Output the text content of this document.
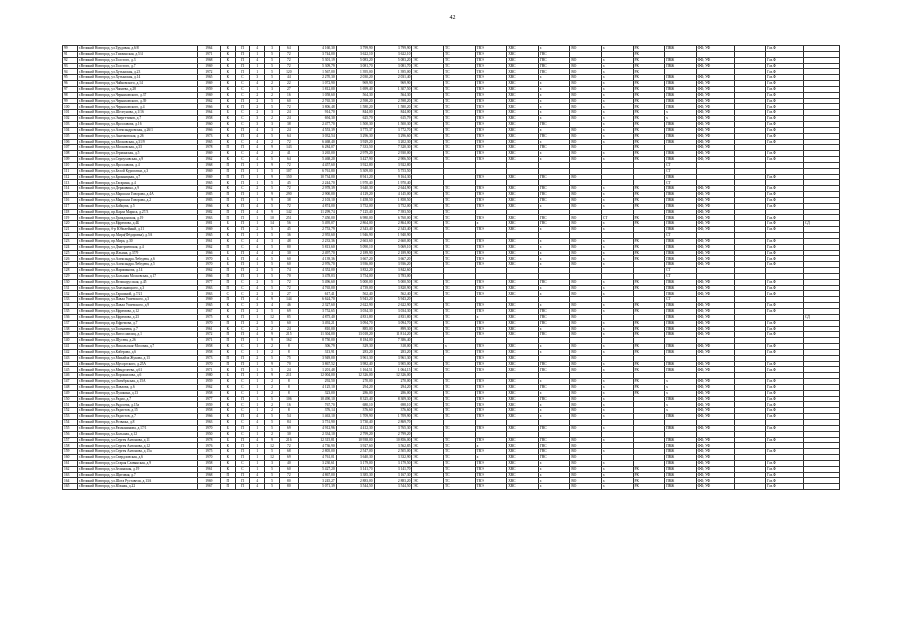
42
99	г.Великий Новгород, ул.Трудовая, д.6/8	1964	К	П	4	3	64	4 160,30	3 799,90	3 799,90	ЭС	ТС	ТВЭ	ХВС	х	ВО	х	РК	ПВЖ	ФФ, УФ		Газ.Ф	
91	г.Великий Новгород, ул.Тихвинская, д.5/4	1971	К	П	1	5	72	3 744,00	3 622,10	3 622,10		ТС	ТВЭ	ХВС	ГВС			РК					
92	г.Великий Новгород, ул.Толстого, д.3	1968	К	П	4	5	72	5 301,19	5 083,20	5 083,20	ЭС	ТС	ТВЭ	ХВС	ГВС	ВО	х	РК	ПВЖ	ФФ, УФ		Газ.Ф	
93	г.Великий Новгород, ул.Толстого, д.7	1969	К	П	1	5	72	5 309,79	3 081,70	3 081,70	ЭС	ТС	ТВЭ	ХВС	ГВС	ВО	х	РК	ПВЖ	ФФ, УФ		Газ.Ф	
94	г.Великий Новгород, ул.Хутынская, д.23	1972	К	П	1	5	120	1 567,00	1 395,00	1 395,00	ЭС	ТС	ТВЭ	ХВС	ГВС	ВО	х	РК				Газ.Ф	
95	г.Великий Новгород, ул.Хутынская, д.14	1965	К	С	3	5	44	2 270,30	2 030,20	2 031,40		ТС	ТВЭ	ХВС	х	ВО	х	РК	ПВЖ	ФФ, УФ		Газ.Ф	
96	г.Великий Новгород, ул.Чайковского, д.14	1969	К	С	4	2	22	1 072,90	969,90	969,90		ТС	ТВЭ	ХВС	х	ВО	х	РК	ПВЖ	ФФ, УФ		Газ.Ф	
97	г.Великий Новгород, ул.Чапаева, д.28	1959	К	С	1	3	27	1 812,00	1 699,40	1 307,50	ЭС	ТС	ТВЭ	ХВС	х	ВО	х	РК	ПВЖ	ФФ, УФ		Газ.Ф	
98	г.Великий Новгород, ул.Черняховского, д.37	1969	К	С	2	2	16	1 058,60	564,30	564,30		ТС	ТВЭ	ХВС	х	ВО	х	РК	ПВЖ	ФФ, УФ		Газ.Ф	
99	г.Великий Новгород, ул.Черняховского, д.39	1962	К	П	2	5	60	2 765,30	2 598,20	2 598,20	ЭС	ТС	ТВЭ	ХВС	х	ВО	х	РК	ПВЖ	ФФ, УФ		Газ.Ф	
100	г.Великий Новгород, ул.Черняховского, д.4	1966	К	П	2	5	72	3 806,48	1 580,20	1 580,20	ЭС	ТС	ТВЭ	ХВС	х	ВО	х	РК	ПВЖ	ФФ, УФ		Газ.Ф	
101	г.Великий Новгород, ул.Шелгунова, д.1/16	1964	Б	С	2	3	24	914,70	844,00	844,00	ЭС	ТС	ТВЭ	ХВС	х	ВО	х	РК	х	ФФ, УФ		Газ.Ф	
102	г.Великий Новгород, ул.Энергетиков, д.7	1958	К	С	3	2	24	694,30	625,70	615,79	ЭС	ТС	ТВЭ	ХВС	х	ВО	х	РК	х	ФФ, УФ		Газ.Ф	
103	г.Великий Новгород, ул.Ярославова, д.16	1960	К	С	3	3	38	2 477,70	1 500,30	1 500,30	ЭС	ТС	ТВЭ	ХВС	ГВС		х	РК	ПВЖ	ФФ, УФ		Газ.Ф	
104	г.Великий Новгород, ул.Александровская, д.26/1	1966	К	П	4	3	24	4 553,39	3 775,37	3 772,70	ЭС	ТС	ТВЭ	ХВС	х	ВО	х	РК	ПВЖ	ФФ, УФ		Газ.Ф	
105	г.Великий Новгород, ул.Аничковская, д.26	1973	К	П	4	5	64	3 032,54	3 296,30	3 296,60	ЭС	ТС	ТВЭ	ХВС	ГВС	ВО	х	РК	ПВЖ	ФФ, УФ		Газ.Ф	
106	г.Великий Новгород, ул.Московская, д.31/9	1965	К	С	4	2	72	6 468,40	3 929,20	3 202,30	ЭС	ТС	ТВЭ	ХВС	х	ВО	х	РК	ПВЖ	ФФ, УФ		Газ.Ф	
107	г.Великий Новгород, ул.Московская, д.33	1978	П	П	4	9	143	6 284,07	7 333,50	7 320,30	ЭС	ТС	ТВЭ	ХВС	ГВС	ВО		РК		ФФ, УФ			
108	г.Великий Новгород, ул.Германская, д.5	1969	К	С	4	2	41	3 265,00	2 979,20	2 930,00		ТС	ТВЭ	ХВС	х	ВО	х	РК	ПВЖ	ФФ, УФ		Газ.Ф	
109	г.Великий Новгород, ул.Серпуховская, д.9	1962	К	С	4	5	64	5 468,20	3 427,90	2 906,50	ЭС	ТС	ТВЭ	ХВС	х	ВО	х	РК	ПВЖ	ФФ, УФ		Газ.Ф	
110	г.Великий Новгород, ул.Ярославова, д.4	1968	П	П	1	9	72	4 457,60	3 922,80	3 922,80									СТ				
111	г.Великий Новгород, ул.Белой Куропатки, д.3	1969	П	П	1	5	107	6 761,80	5 309,00	5 753,50									СТ				
112	г.Великий Новгород, ул.Бронницкая, д.7	1969	П	П	1	9	150	10 734,00	8 941,20	9 164,30			ТВЭ	ХВС	ГВС	ВО			ПВЖ			Газ.Ф	
113	г.Великий Новгород, ул.Гагарина, д.4	1965	К	П	1	5	45	2 244,70	1 970,40	1 970,40									СТ				
114	г.Великий Новгород, ул.Державина, д.9	1962	К	С	2	5	72	2 978,39	3 640,30	2 644,90	ЭС	ТС	ТВЭ	ХВС	ГВС	ВО	х	РК	ПВЖ	ФФ, УФ		Газ.Ф	
115	г.Великий Новгород, ул.Маршала Говорова, д.4А	1985	П	П	1	9	290	2 900,00	4 129,20	4 145,00	ЭС	ТС	ТВЭ	ХВС	ГВС	ВО	х	РК	ПВЖ	ФФ, УФ		Газ.Ф	
116	г.Великий Новгород, ул.Маршала Говорова, д.2	1983	П	П	1	9	38	2 103,10	1 458,50	1 858,50		ТС	ТВЭ	ХВС	ГВС	ВО	х	РК	ПВЖ	ФФ, УФ		Газ.Ф	
117	г.Великий Новгород, ул.Бойцова, д.5	1966	К	П	4	5	72	4 874,00	3 752,00	3 752,00	ЭС	ТС	ТВЭ	ХВС	х	ВО	х	РК	ПВЖ	ФФ, УФ		Газ.Ф	
118	г.Великий Новгород, пр.Карла Маркса, д.27/3	1982	П	П	4	9	142	11 299,74	7 125,40	7 393,50		ТС							ПВЖ	ФФ, УФ			
119	г.Великий Новгород, ул.Гражданская, д.19	1963	П	П	1	10	251	7 450,00	6 980,00	6 760,00	ЭС	ТС	ТВЭ	ХВС	ГВС	ВО	СТ	РК	ПВЖ	ФФ, УФ		Газ.Ф	
120	г.Великий Новгород, ул.Ефремова, д.4Б	1981	Б	П	1	14	56	5 495,07	2 864,00	2 864,00	ЭС	ТС	х	ХВС	ГВС	ВО	х	РК	ПВЖ	ФФ, УФ		Газ.Ф	СД
121	г.Великий Новгород, б-р Юбилейный, д.11	1969	К	П	2	5	45	2 753,79	2 343,40	2 343,40	ЭС	ТС	ТВЭ	ХВС	х	ВО	х		ПВЖ	ФФ, УФ		Газ.Ф	
122	г.Великий Новгород, пр.Мира(Фёдоровка), д.5А	1965	К	П	1	5	36	2 955,60	1 946,90	1 940,90									СТ				
123	г.Великий Новгород, пр.Мира, д.30	1961	К	С	4	3	48	2 233,36	2 663,60	2 660,00	ЭС	ТС	ТВЭ	ХВС	х	ВО	х	РК	ПВЖ	ФФ, УФ		Газ.Ф	
124	г.Великий Новгород, ул.Дмитриевская, д.4	1962	П	С	4	5	80	5 813,60	5 090,10	5 069,10	ЭС	ТС	ТВЭ	ХВС	х	ВО	х	РК	ПВЖ	ФФ, УФ		Газ.Ф	
125	г.Великий Новгород, пр.Ильина, д.37/9	1966	Б	П	4	4	30	2 497,70	2 189,90	2 189,90	ЭС	ТС	ТВЭ	ХВС	х	ВО	х	РК	ПВЖ	ФФ, УФ		Газ.Ф	
126	г.Великий Новгород, ул.Александра Лебедева, д.6	1970	Б	П	4	5	60	4 139,36	3 667,20	3 667,20		ТС	ТВЭ	ХВС	х	ВО	х	РК	ПВЖ	ФФ, УФ		Газ.Ф	
127	г.Великий Новгород, ул.Александра Лебедева, д.5	1970	Б	П	1	5	60	2 976,70	3 936,00	3 936,20		ТС	ТВЭ	ХВС	х	ВО	х		ПВЖ	ФФ, УФ		Газ.Ф	
128	г.Великий Новгород, ул.Нариманова, д.14	1962	П	П	2	5	74	4 352,00	3 832,20	3 842,60									СТ				
129	г.Великий Новгород, ул.Большая Московская, д.17	1966	П	П	1	5	70	3 478,03	3 754,00	3 783,00									СТ				
130	г.Великий Новгород, ул.Великорусская, д.45	1977	П	С	2	5	72	5 496,60	5 000,00	5 000,50	ЭС	ТС	ТВЭ	ХВС	ГВС	ВО	х	РК	ПВЖ	ФФ, УФ		Газ.Ф	
131	г.Великий Новгород, ул.Хмельницкого, д.3	1963	П	С	4	5	72	4 765,00	4 739,00	3 820,90	ЭС	ТС	ТВЭ	ХВС	х	ВО	х	РК	ПВЖ	ФФ, УФ		Газ.Ф	
132	г.Великий Новгород, ул.Гаршиной, д.7/21	1963	С	С	2	3	27	617,41	562,40	562,40	ЭС	ТС	ТВЭ	ХВС	х	ВО	х		ПВЖ	ФФ, УФ		Газ.Ф	
133	г.Великий Новгород, ул.Павла Усиевского, д.3	1969	П	П	4	9	144	6 624,70	5 943,20	5 943,20									СТ				
134	г.Великий Новгород, ул.Павла Усиевского, д.9	1965	К	С	3	4	46	2 327,60	2 622,90	2 622,90	ЭС	ТС	ТВЭ	ХВС	х	ВО	х	РК	ПВЖ	ФФ, УФ		Газ.Ф	
135	г.Великий Новгород, ул.Ефремова, д.12	1967	К	П	2	5	69	3 752,65	3 034,30	3 034,30	ЭС	ТС	ТВЭ	ХВС	ГВС	ВО	х	РК	ПВЖ	ФФ, УФ		Газ.Ф	
136	г.Великий Новгород, ул.Ефремова, д.23	1975	К	П	1	12	85	4 875,40	4 831,80	4 831,80	ЭС	ТС	х	ХВС	ГВС	ВО			ПВЖ	ФФ, УФ			СД
137	г.Великий Новгород, пр.Ефремова, д.7	1970	П	П	2	5	60	3 492,21	3 094,70	3 094,70	ЭС	ТС	ТВЭ	ХВС	ГВС	ВО	х	РК	ПВЖ	ФФ, УФ		Газ.Ф	
138	г.Великий Новгород, ул.Толмачева, д.7	1961	К	С	2	2	24	810,00	885,00	899,30	ЭС	ТС	ТВЭ	ХВС	х	ВО	х	РК	ПВЖ	ФФ, УФ		Газ.Ф	
139	г.Великий Новгород, ул.Витославлиц, д.1	1972	П	П	4	9	215	11 304,00	13 018,20	11 814,20	ЭС	ТС	ТВЭ	ХВС	ГВС	ВО	х	РК	ПВЖ	ФФ, УФ		Газ.Ф	
140	г.Великий Новгород, ул.Щусева, д.26	1971	П	П	1	9	162	8 750,00	8 184,00	7 386,40													
141	г.Великий Новгород, ул.Никольская-Мосовая, д.7	1958	К	С	1	2	8	306,79	329,30	318,00	ЭС	х	ТВЭ	ХВС	х	ВО	х	РК	ПВЖ	ФФ, УФ		Газ.Ф	
142	г.Великий Новгород, ул.Каберова, д.6	1958	К	С	1	2	8	313,91	283,20	283,20	ЭС	ТС	ТВЭ	ХВС	х	ВО	х	РК	ПВЖ	ФФ, УФ		Газ.Ф	
143	г.Великий Новгород, ул.Михайла Жукова, д.13	1973	П	П	2	5	75	3 949,00	3 961,30	3 961,30	ЭС		ТВЭ	ХВС		ВО							
144	г.Великий Новгород, ул.Мусоргского, д.25А	1970	П	П	1	9	70	3 867,52	3 982,40	3 905,00	ЭС	ТС	ТВЭ	ХВС	ГВС	ВО	х	РК	ПВЖ	ФФ, УФ		Газ.Ф	
145	г.Великий Новгород, ул.Менделеева, д.61	1971	К	П	1	5	24	1 201,48	1 164,51	1 064,15	ЭС	ТС	ТВЭ	ХВС	ГВС	ВО	х	РК	ПВЖ	ФФ, УФ		Газ.Ф	
146	г.Великий Новгород, ул.Ворошилова, д.6	1980	Б	П	1	9	211	12 004,00	12 326,00	12 326,00													
147	г.Великий Новгород, ул.Октябрьская, д.15А	1959	К	С	1	2	8	292,50	270,00	270,00	ЭС	ТС	ТВЭ	ХВС	х	ВО	х	РК	х	ФФ, УФ		Газ.Ф	
148	г.Великий Новгород, ул.Павлова, д.6	1962	К	С	1	2	8	4 125,10	294,20	294,20	ЭС	ТС	ТВЭ	ХВС	ГВС	ВО	х	РК	х	ФФ, УФ		Газ.Ф	
149	г.Великий Новгород, ул.Пушкина, д.13	1958	К	С	1	2	8	323,00	286,00	286,00	ЭС	ТС	ТВЭ	ХВС	х	ВО	х	РК	х	ФФ, УФ		Газ.Ф	
150	г.Великий Новгород, ул.Радио, д.7	1977	К	П	1	5	106	10 490,10	8 325,40	8 309,30	ЭС	ТС	ТВЭ	ХВС	ГВС	ВО	х		ПВЖ	ФФ, УФ		Газ.Ф	
151	г.Великий Новгород, ул.Рядосева, д.15а	1959	К	С	1	2	16	767,70	680,10	698,10	ЭС	ТС	ТВЭ	ХВС	х	ВО	х		х	ФФ, УФ		Газ.Ф	
152	г.Великий Новгород, ул.Радистов, д.15	1958	К	С	1	2	8	376,14	376,60	376,60	ЭС	ТС	ТВЭ	ХВС	х	ВО	х		х	ФФ, УФ		Газ.Ф	
153	г.Великий Новгород, ул.Радистов, д.7	1966	К	П	4	5	54	1 463,10	1 709,90	1 709,90	ЭС	ТС	ТВЭ	ХВС	х	ВО	х		ПВЖ	ФФ, УФ		Газ.Ф	
154	г.Великий Новгород, ул.Розважа, д.8	1963	К	С	4	5	84	3 751,90	3 730,40	2 869,70													
155	г.Великий Новгород, ул.Рахманинова, д.17/1	1970	Б	П	1	5	69	4 912,96	4 412,30	3 765,30	ЭС	ТС	ТВЭ	ХВС	ГВС	ВО	х		ПВЖ	ФФ, УФ		Газ.Ф	
156	г.Великий Новгород, ул.Большая, д.12	1950	К	С	1	2	30	2 334,10	2 799,20	2 799,20													
157	г.Великий Новгород, ул.Сергея Антонова, д.11	1978	Б	П	4	9	216	12 315,81	10 938,00	10 856,00	ЭС	ТС	ТВЭ	ХВС	ГВС	ВО	х		ПВЖ	ФФ, УФ		Газ.Ф	
158	г.Великий Новгород, ул.Сергея Антонова, д.12	1976	К	П	1	12	72	4 736,90	3 927,60	3 562,85	ЭС	ТС	х	ХВС	ГВС	ВО			ПВЖ	ФФ, УФ			
159	г.Великий Новгород, ул.Сергея Антонова, д.15а	1975	К	П	1	5	68	2 805,00	2 547,00	2 505,00	ЭС	ТС	ТВЭ	ХВС	ГВС	ВО	х		ПВЖ	ФФ, УФ		Газ.Ф	
160	г.Великий Новгород, ул.Свердловская, д.6	1970	К	П	1	12	69	4 761,01	3 640,30	3 332,90	ЭС	ТС	х	ХВС	ГВС	ВО			ПВЖ	ФФ, УФ			
161	г.Великий Новгород, ул.Старая Славянская, д.9	1958	К	С	1	3	40	3 230,61	3 179,00	3 179,50	ЭС	ТС	ТВЭ	ХВС	х	ВО	х		ПВЖ	ФФ, УФ		Газ.Ф	
162	г.Великий Новгород, ул.Зелинская, д.19	1961	К	С	1	5	60	5 427,20	3 141,70	3 141,70		ТС	ТВЭ	ХВС	х	ВО	х	РК	ПВЖ	ФФ, УФ		Газ.Ф	
163	г.Великий Новгород, ул.Щитовая, д.7	1968	П	П	4	5	72	4 867,00	3 385,30	3 167,30	ЭС	ТС	ТВЭ	ХВС	х	ВО	х	РК	ПВЖ	ФФ, УФ		Газ.Ф	
164	г.Великий Новгород, ул.Шота Руставели, д.13А	1969	П	П	4	5	80	3 245,27	2 883,00	2 883,20	ЭС	ТС	ТВЭ	ХВС	х	ВО	х	РК	ПВЖ	ФФ, УФ		Газ.Ф	
165	г.Великий Новгород, ул.Южная, д.22	1967	П	П	4	5	80	5 071,39	3 544,50	3 544,50	ЭС	ТС	ТВЭ	ХВС	х	ВО	х	РК	ПВЖ	ФФ, УФ		Газ.Ф	
